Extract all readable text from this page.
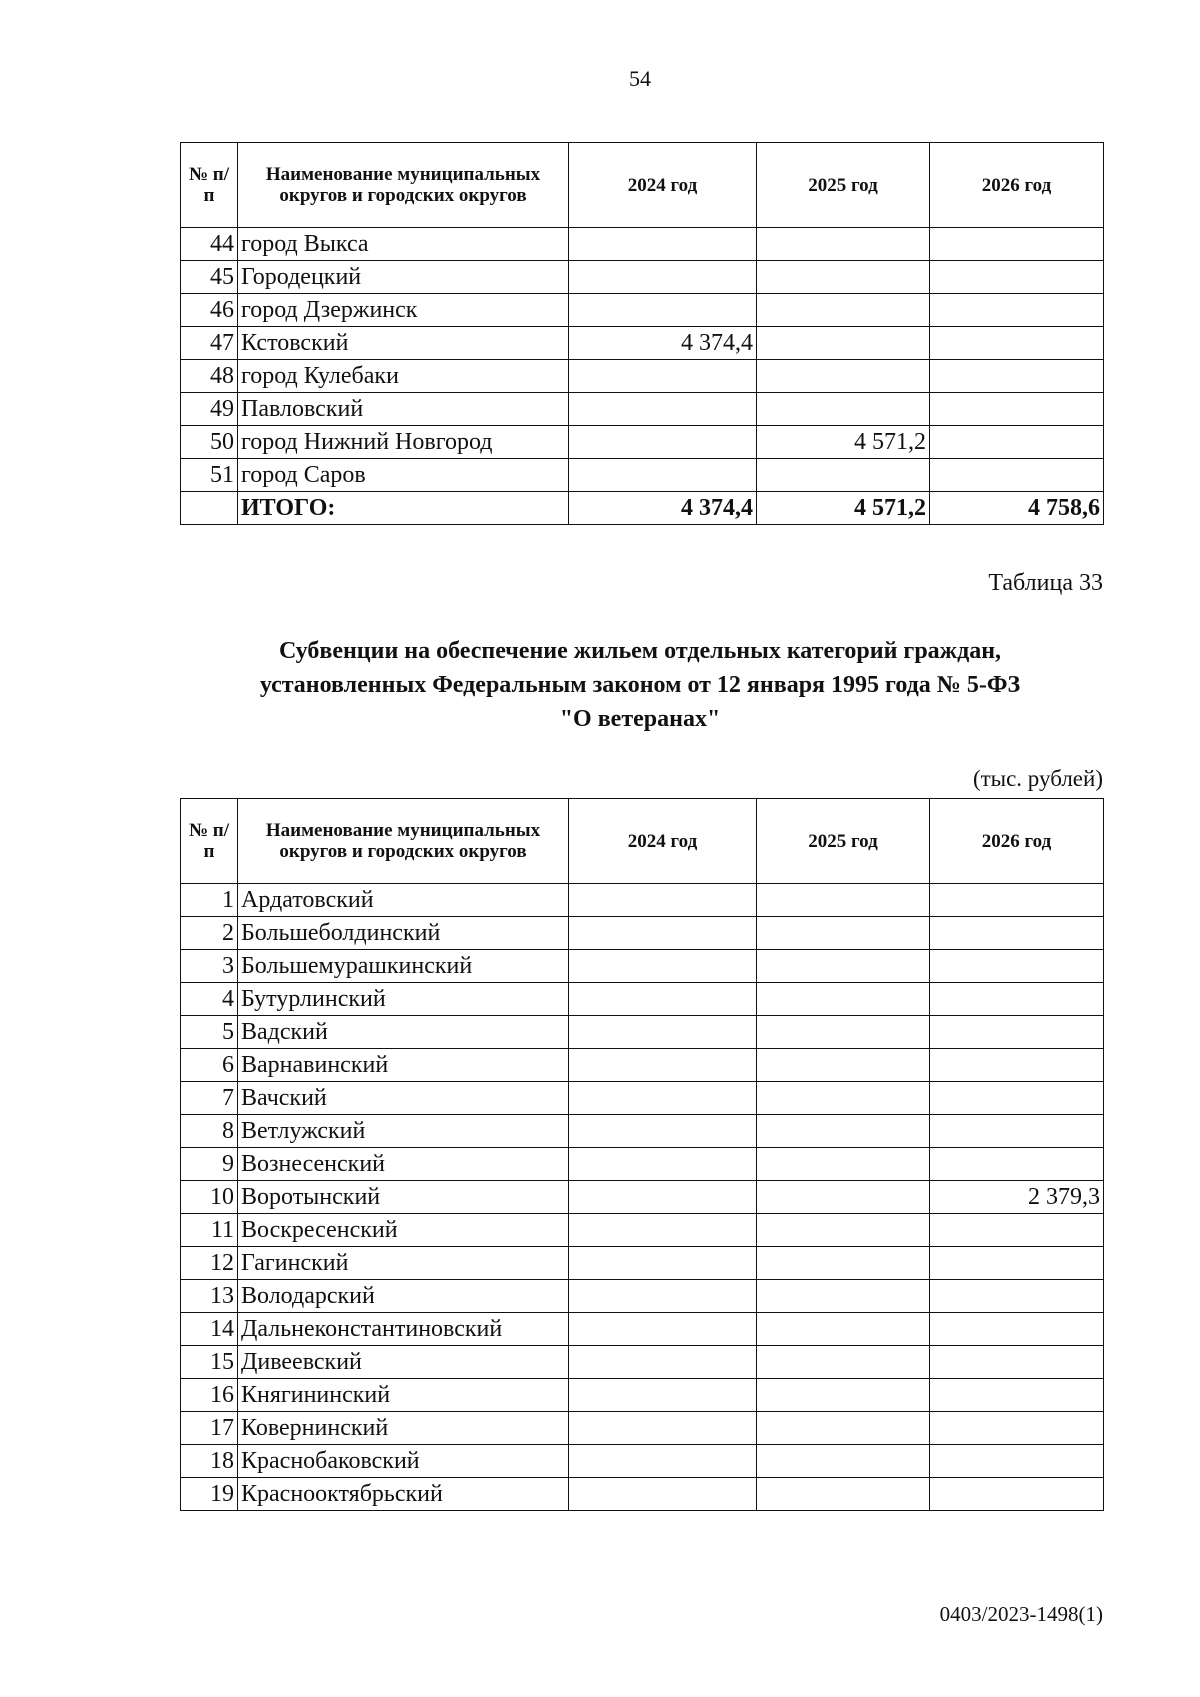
54
№ п/п	Наименование муниципальных округов и городских округов	2024 год	2025 год	2026 год
44	город Выкса			
45	Городецкий			
46	город Дзержинск			
47	Кстовский	4 374,4		
48	город Кулебаки			
49	Павловский			
50	город Нижний Новгород		4 571,2	
51	город Саров			
	ИТОГО:	4 374,4	4 571,2	4 758,6
Таблица 33
Субвенции на обеспечение жильем отдельных категорий граждан,
установленных Федеральным законом от 12 января 1995 года № 5-ФЗ
"О ветеранах"
(тыс. рублей)
№ п/п	Наименование муниципальных округов и городских округов	2024 год	2025 год	2026 год
1	Ардатовский			
2	Большеболдинский			
3	Большемурашкинский			
4	Бутурлинский			
5	Вадский			
6	Варнавинский			
7	Вачский			
8	Ветлужский			
9	Вознесенский			
10	Воротынский			2 379,3
11	Воскресенский			
12	Гагинский			
13	Володарский			
14	Дальнеконстантиновский			
15	Дивеевский			
16	Княгининский			
17	Ковернинский			
18	Краснобаковский			
19	Краснооктябрьский			
0403/2023-1498(1)
